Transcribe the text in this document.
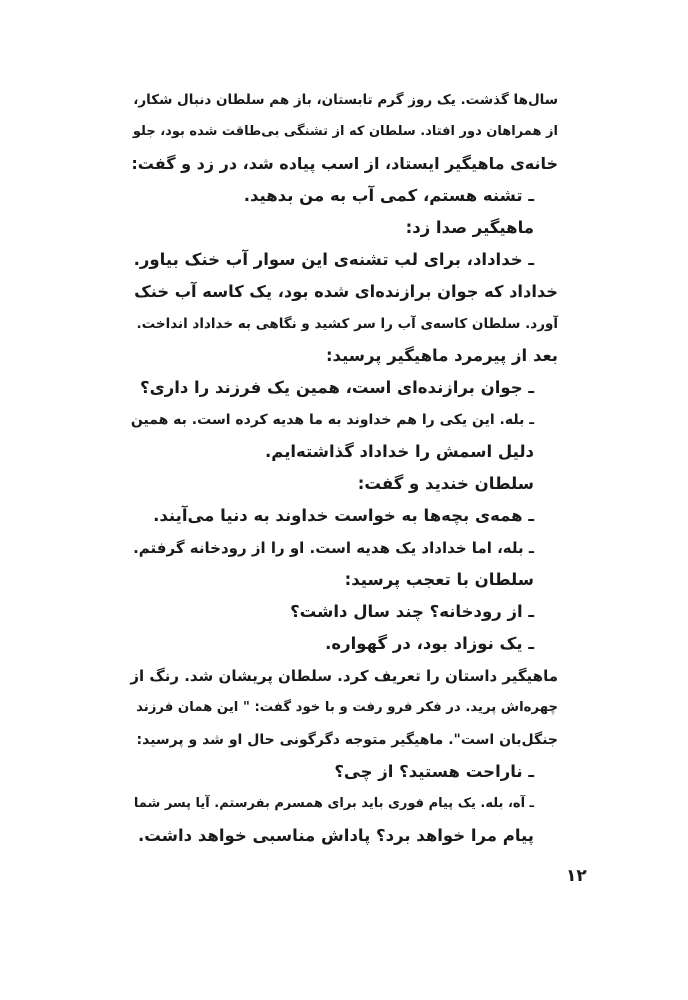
سال‌ها گذشت. یک روز گرم تابستان، باز هم سلطان دنبال شکار،
از همراهان دور افتاد. سلطان که از تشنگی بی‌طاقت شده بود، جلو
خانه‌ی ماهیگیر ایستاد، از اسب پیاده شد، در زد و گفت:
ـ تشنه هستم، کمی آب به من بدهید.
ماهیگیر صدا زد:
ـ خداداد، برای لب تشنه‌ی این سوار آب خنک بیاور.
خداداد که جوان برازنده‌ای شده بود، یک کاسه آب خنک
آورد. سلطان کاسه‌ی آب را سر کشید و نگاهی به خداداد انداخت.
بعد از پیرمرد ماهیگیر پرسید:
ـ جوان برازنده‌ای است، همین یک فرزند را داری؟
ـ بله. این یکی را هم خداوند به ما هدیه کرده است. به همین
دلیل اسمش را خداداد گذاشته‌ایم.
سلطان خندید و گفت:
ـ همه‌ی بچه‌ها به خواست خداوند به دنیا می‌آیند.
ـ بله، اما خداداد یک هدیه است. او را از رودخانه گرفتم.
سلطان با تعجب پرسید:
ـ از رودخانه؟ چند سال داشت؟
ـ یک نوزاد بود، در گهواره.
ماهیگیر داستان را تعریف کرد. سلطان پریشان شد. رنگ از
چهره‌اش پرید. در فکر فرو رفت و با خود گفت: " این همان فرزند
جنگل‌بان است". ماهیگیر متوجه دگرگونی حال او شد و پرسید:
ـ ناراحت هستید؟ از چی؟
ـ آه، بله. یک پیام فوری باید برای همسرم بفرستم. آیا پسر شما
پیام مرا خواهد برد؟ پاداش مناسبی خواهد داشت.
۱۲
